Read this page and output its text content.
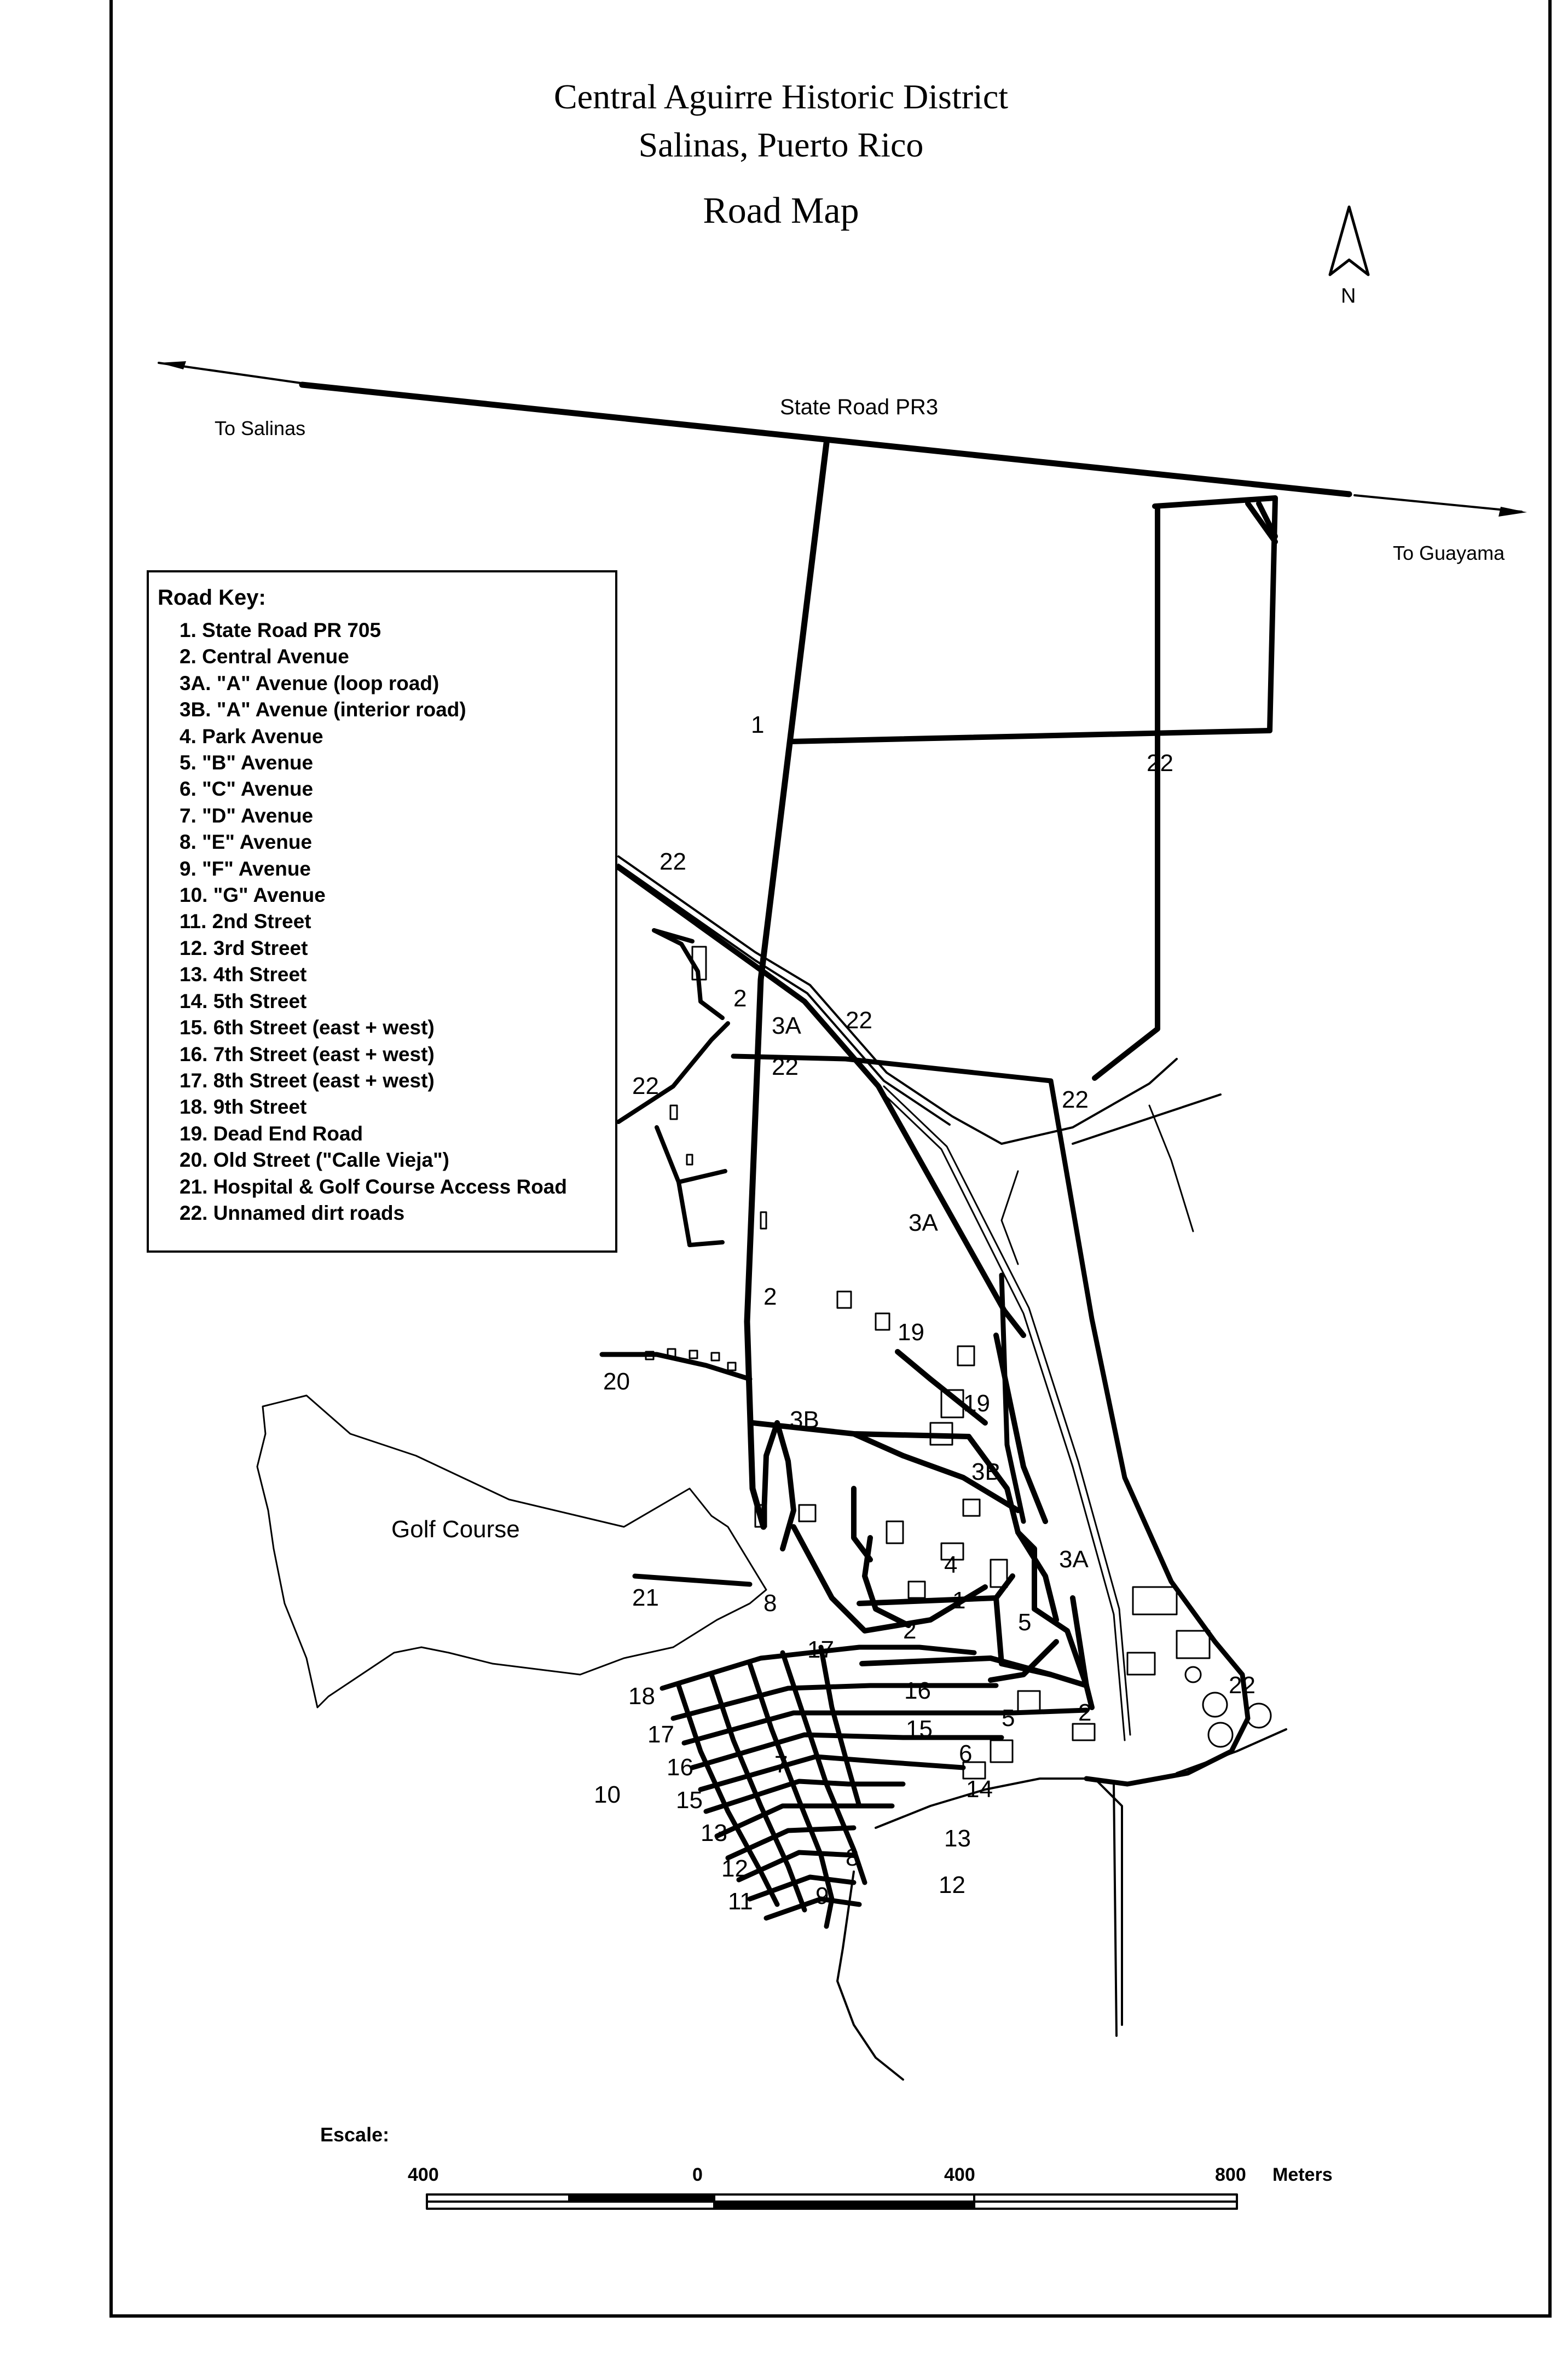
Central Aguirre Historic District
Salinas, Puerto Rico
Road Map
To Salinas
To Guayama
State Road PR3
N
Road Key:
1. State Road PR 705
2. Central Avenue
3A. "A" Avenue (loop road)
3B. "A" Avenue (interior road)
4. Park Avenue
5. "B" Avenue
6. "C" Avenue
7. "D" Avenue
8. "E" Avenue
9. "F" Avenue
10. "G" Avenue
11. 2nd Street
12. 3rd Street
13. 4th Street
14. 5th Street
15. 6th Street (east + west)
16. 7th Street (east + west)
17. 8th Street (east + west)
18. 9th Street
19. Dead End Road
20. Old Street ("Calle Vieja")
21. Hospital & Golf Course Access Road
22. Unnamed dirt roads
Golf Course
1
22
22
22
22
22
22
22
2
2
2
2
3A
3A
3A
3B
3B
19
19
20
21
4
1
5
5
6
7
8
8
9
10
11
12
12
13	13
14
15
15
16
16
17
17
18
Escale:
400	0	400	800 Meters
